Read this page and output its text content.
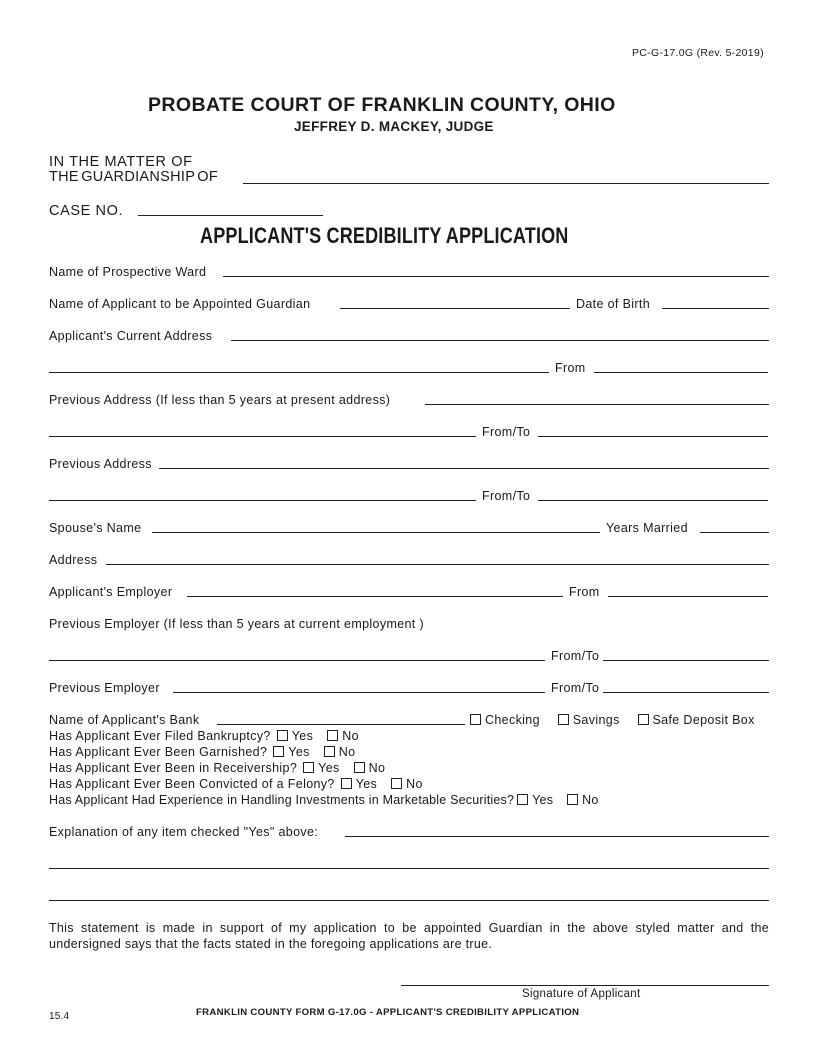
PC-G-17.0G (Rev. 5-2019)
PROBATE COURT OF FRANKLIN COUNTY, OHIO
JEFFREY D. MACKEY, JUDGE
IN THE MATTER OF
THE GUARDIANSHIP OF
CASE NO.
APPLICANT'S CREDIBILITY APPLICATION
Name of Prospective Ward
Name of Applicant to be Appointed Guardian	Date of Birth
Applicant's Current Address
From
Previous Address (If less than 5 years at present address)
From/To
Previous Address
From/To
Spouse's Name	Years Married
Address
Applicant's Employer	From
Previous Employer (If less than 5 years at current employment )
From/To
Previous Employer	From/To
Name of Applicant's Bank	Checking	Savings	Safe Deposit Box
Has Applicant Ever Filed Bankruptcy? Yes No
Has Applicant Ever Been Garnished? Yes No
Has Applicant Ever Been in Receivership? Yes No
Has Applicant Ever Been Convicted of a Felony? Yes No
Has Applicant Had Experience in Handling Investments in Marketable Securities? Yes No
Explanation of any item checked "Yes" above:
This statement is made in support of my application to be appointed Guardian in the above styled matter and the undersigned says that the facts stated in the foregoing applications are true.
Signature of Applicant
15.4	FRANKLIN COUNTY FORM G-17.0G - APPLICANT'S CREDIBILITY APPLICATION
